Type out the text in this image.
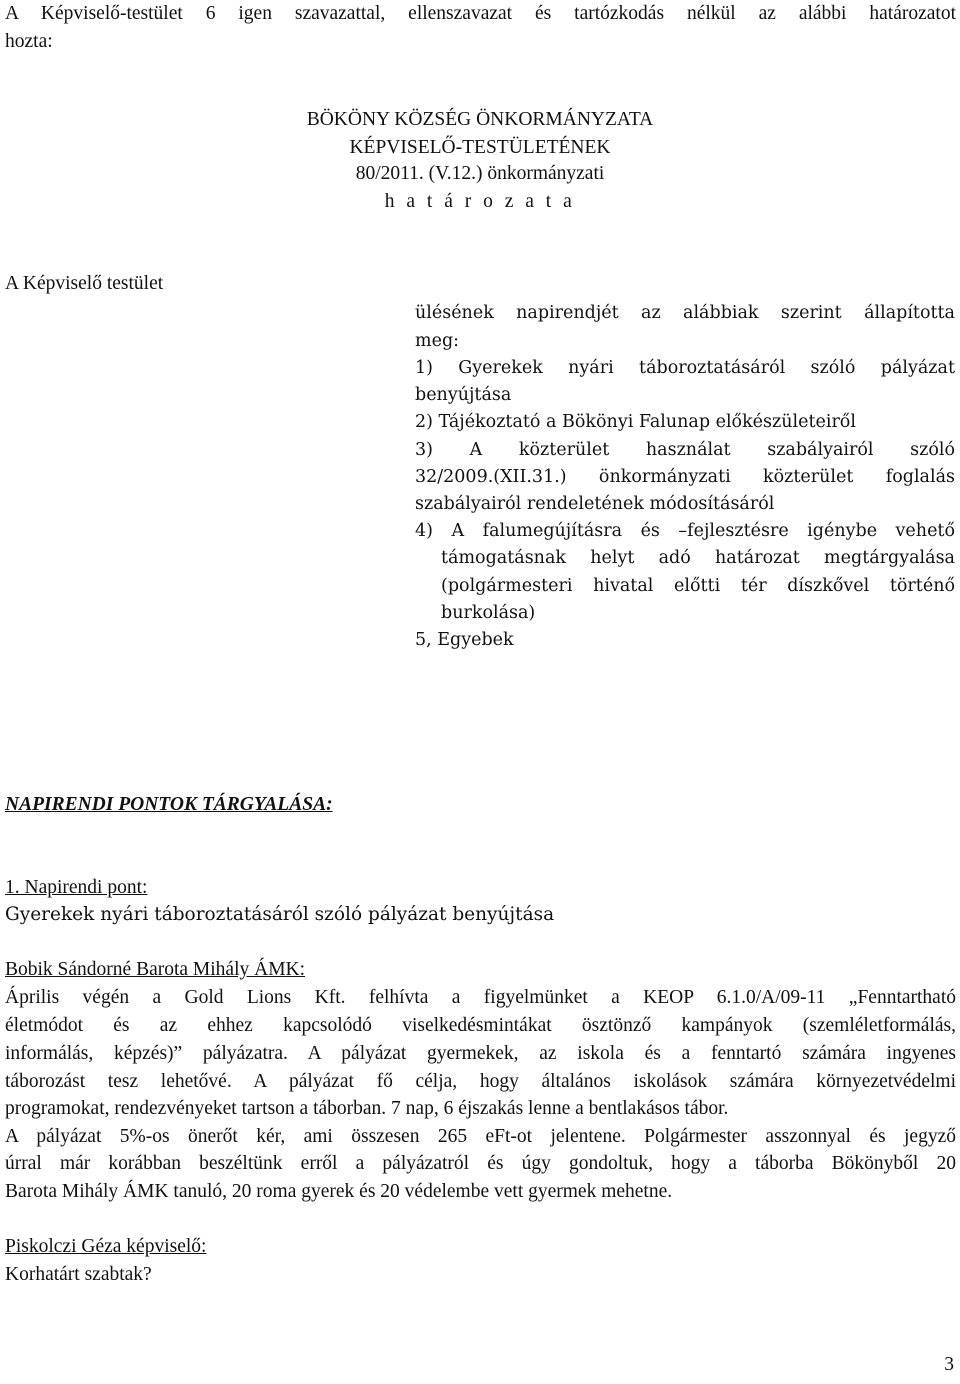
A Képviselő-testület 6 igen szavazattal, ellenszavazat és tartózkodás nélkül az alábbi határozatot
hozta:
BÖKÖNY KÖZSÉG ÖNKORMÁNYZATA
KÉPVISELŐ-TESTÜLETÉNEK
80/2011. (V.12.) önkormányzati
h a t á r o z a t a
A Képviselő testület
ülésének napirendjét az alábbiak szerint állapította
meg:
1) Gyerekek nyári táboroztatásáról szóló pályázat
benyújtása
2) Tájékoztató a Bökönyi Falunap előkészületeiről
3) A közterület használat szabályairól szóló
32/2009.(XII.31.) önkormányzati közterület foglalás
szabályairól rendeletének módosításáról
4) A falumegújításra és –fejlesztésre igénybe vehető
támogatásnak helyt adó határozat megtárgyalása
(polgármesteri hivatal előtti tér díszkővel történő
burkolása)
5, Egyebek
NAPIRENDI PONTOK TÁRGYALÁSA:
1. Napirendi pont:
Gyerekek nyári táboroztatásáról szóló pályázat benyújtása
Bobik Sándorné Barota Mihály ÁMK:
Április végén a Gold Lions Kft. felhívta a figyelmünket a KEOP 6.1.0/A/09-11 „Fenntartható
életmódot és az ehhez kapcsolódó viselkedésmintákat ösztönző kampányok (szemléletformálás,
informálás, képzés)” pályázatra. A pályázat gyermekek, az iskola és a fenntartó számára ingyenes
táborozást tesz lehetővé. A pályázat fő célja, hogy általános iskolások számára környezetvédelmi
programokat, rendezvényeket tartson a táborban. 7 nap, 6 éjszakás lenne a bentlakásos tábor.
A pályázat 5%-os önerőt kér, ami összesen 265 eFt-ot jelentene. Polgármester asszonnyal és jegyző
úrral már korábban beszéltünk erről a pályázatról és úgy gondoltuk, hogy a táborba Bökönyből 20
Barota Mihály ÁMK tanuló, 20 roma gyerek és 20 védelembe vett gyermek mehetne.
Piskolczi Géza képviselő:
Korhatárt szabtak?
3
